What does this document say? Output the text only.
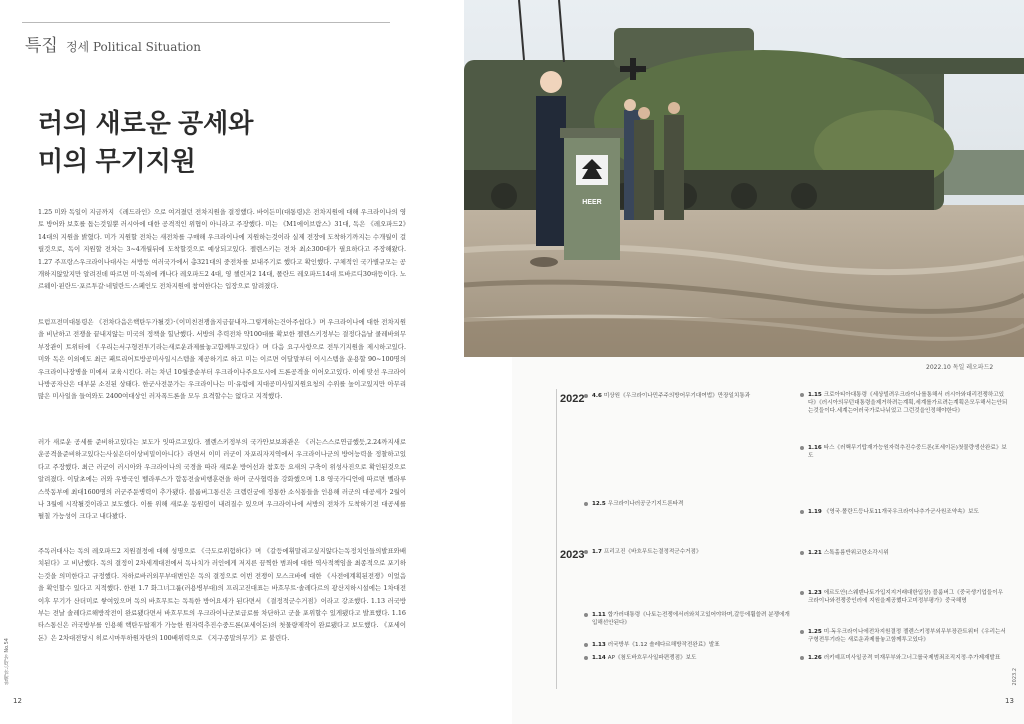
특집 정세 Political Situation
러의 새로운 공세와
미의 무기지원
1.25 미와 독일이 지금까지 《레드라인》으로 여겨졌던 전차지원을 결정했다. 바이든미(대통령)은 전차지원에 대해 우크라이나의 영토 방어와 보호를 돕는것일뿐 러시아에 대한 공격적인 위협이 아니라고 주장했다. 미는 《M1에이브람스》31대, 독은 《레오파드2》14대의 지원을 밝혔다. 미가 지원할 전차는 새전차를 구매해 우크라이나에 지원하는것이라 실제 전장에 도착하기까지는 수개월이 걸릴것으로, 독이 지원할 전차는 3~4개월뒤에 도착할것으로 예상되고있다. 젤렌스키는 전차 최소300대가 필요하다고 주장해왔다. 1.27 주프랑스우크라이나대사는 서방등 여러국가에서 총321대의 중전차를 보내주기로 했다고 확인했다. 구체적인 국가별규모는 공개하지않았지만 알려진데 따르면 미·독외에 캐나다 레오파드2 4대, 영 챌린저2 14대, 폴란드 레오파드14대 트바르디30대등이다. 노르웨이·핀란드·포르투갈·네덜란드·스페인도 전차지원에 참여한다는 입장으로 알려졌다.
트럼프전미대통령은 《전차다음은핵탄두가될것》·《이미친전쟁을지금끝내자.그렇게하는건아주쉽다.》며 우크라이나에 대한 전차지원을 비난하고 전쟁을 끝내지않는 미국의 정책을 힐난했다. 서방의 추력전차 약100대를 확보한 젤렌스키정부는 결정다음날 쿨레바외무부장관이 트위터에 《우리는서구형전투기라는새로운과제를놓고함께투고있다》며 다음 요구사항으로 전투기지원을 제시하고있다. 미와 독은 이외에도 최근 패트리어트방공미사일시스템을 제공하기로 하고 미는 이르면 이달말부터 이시스템을 운용할 90~100명의 우크라이나장병을 미에서 교육시킨다. 러는 차년 10월중순부터 우크라이나주요도시에 드론공격을 이어오고있다. 이에 맞선 우크라이나방공자산은 대부분 소진된 상태다. 한군사전문가는 우크라이나는 미·유럽에 지대공미사일지원요청의 수위를 높이고있지만 아무리 많은 미사일을 들여와도 2400여대상인 러자폭드론을 모두 요격할수는 없다고 지적했다.
러가 새로운 공세를 준비하고있다는 보도가 잇따르고있다. 젤렌스키정부의 국가안보보좌관은 《러는스스로연급했듯,2.24까지새로운공격을준비하고있다는사실은더이상비밀이아니다》라면서 이미 러군이 자포리자지역에서 우크라이나군의 방어능력을 정찰하고있다고 주장했다. 최근 러군이 러시아와 우크라이나의 국경을 따라 새로운 방어선과 참호등 요새의 구축이 위성사진으로 확인된것으로 알려졌다. 이달초에는 러와 우방국인 벨라루스가 합동전술비행훈련을 하며 군사협력을 강화했으며 1.8 영국가디언에 따르면 벨라루스북동부에 최대1600명의 러군주둔병력이 추가됐다. 블룸버그통신은 크렘린궁에 정통한 소식통들을 인용해 러군의 대공세가 2월이나 3월에 시작될것이라고 보도했다. 이를 위해 새로운 동원령이 내려질수 있으며 우크라이나에 서방의 전차가 도착하기전 대공세를 펼칠 가능성이 크다고 내다봤다.
주독러대사는 독의 레오파드2 지원결정에 대해 성명으로 《극도로위험하다》며 《갈등에휘말리고싶지않다는독정치인들의발표와배치된다》고 비난했다. 독의 결정이 2차세계대전에서 독나치가 러인에게 저지른 끔찍한 범죄에 대한 역사적책임을 최종적으로 포기하는것을 의미한다고 규정했다. 자하로바러외무부대변인은 독의 결정으로 이번 전쟁이 모스크바에 대한 《사전에계획된전쟁》이었음을 확인할수 있다고 지적했다. 한편 1.7 화그너그룹(러용병부대)의 프리고진대표는 바흐무트·솔레다르의 광산지하시설에는 1차대전이후 무기가 산더미로 쌓여있으며 독의 바흐무트는 독특한 방어요새가 된다면서 《결정적군수거점》이라고 강조했다. 1.13 러국방부는 전날 솔레다르해방작전이 완료됐다면서 바흐무트의 우크라이나군보급로를 차단하고 군을 포위할수 있게됐다고 발표했다. 1.16 타스통신은 러국방부를 인용해 핵탄두탑재가 가능한 원자력추진수중드론(포세이돈)의 첫물량제작이 완료됐다고 보도했다. 《포세이돈》은 2차대전당시 히로시마투하원자탄의 100배위력으로 《지구종말의무기》로 불린다.
12
함께하는세상 No.54
HEER
2022.10 독일 레오파드2
2022
2023
4.6 미상원《우크라이나민주주의방어무기대여법》만장일치통과
12.5 우크라이나러공군기지드론타격
1.7 프리고진《바흐무트는결정적군수거점》
1.11 합가러대통령《나토는전쟁에서러와치고있어야하며,갈등에휩쓸려 분쟁에개입해선안된다》
1.13 러국방부《1.12 솔레다르해방작전완료》발표
1.14 AP《첨도바흐무사일파편쟁점》보도
1.15 크로아티아대통령《세상빌려우크라이나를통해서 러시아와대리전쟁하고있다》《러시아의무턴대통령을제거하려는계획,세계를가르려는계획은모두해서는안되는것들이다.세계는어러국가로나뉘었고 그런것을인정해야한다》
1.16 타스《러핵무기탑재가능원자력추진수중드론(포세이돈)첫물량생산완료》보도
1.19 《영국·폴란드등나토11개국우크라이나추가군사원조약속》보도
1.21 스톡홀름반위코란소각시위
1.23 에르도안(스웨덴나토가입지지거래대한입장) 블룸버그《중국생기업들이우크라이나와전쟁중인러에 지원을제공했다고미정부평가》중국해명
1.25 미·독우크라이나에전차지원결정 젤렌스키정부외무부장관트위터《우리는서구형전투기라는 새로운과제를놓고함께투고있다》
1.26 러키예프미사일공격 미재무부와그너그룹국제범죄조직지정·추가제재발표
13
2023.2
